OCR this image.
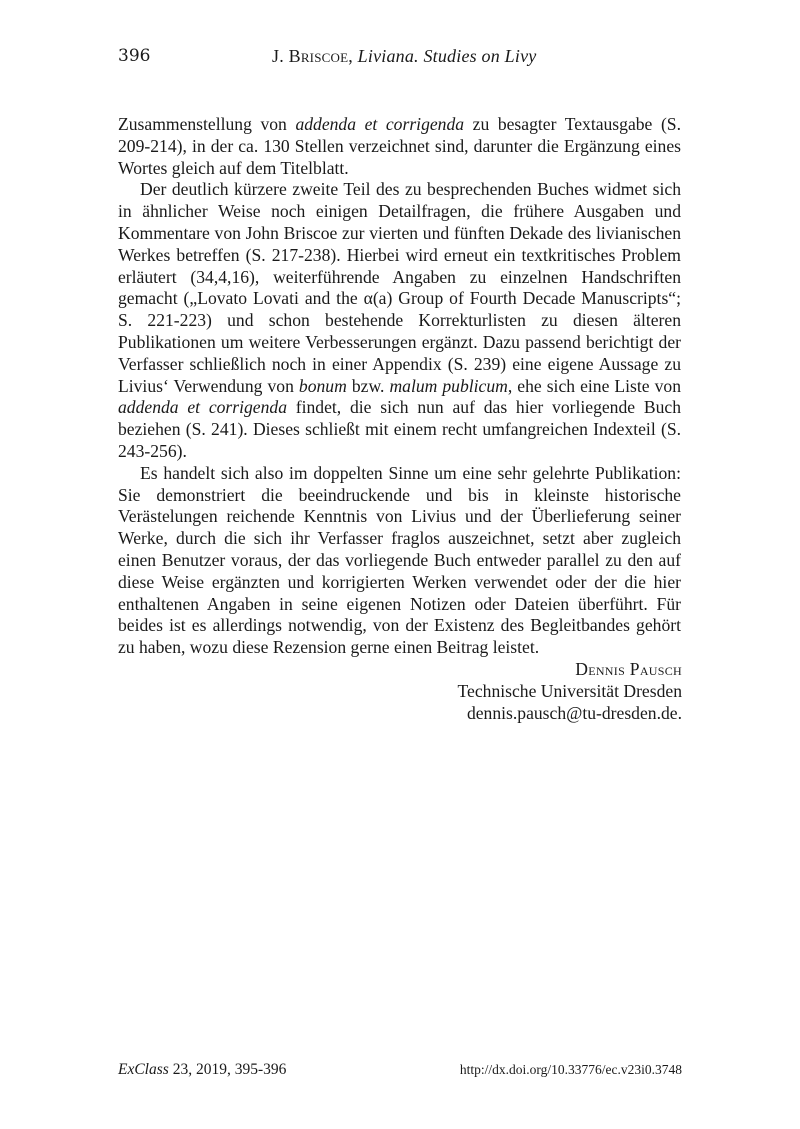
396	J. Briscoe, Liviana. Studies on Livy

Zusammenstellung von addenda et corrigenda zu besagter Textausgabe (S. 209-214), in der ca. 130 Stellen verzeichnet sind, darunter die Ergänzung eines Wortes gleich auf dem Titelblatt.

Der deutlich kürzere zweite Teil des zu besprechenden Buches widmet sich in ähnlicher Weise noch einigen Detailfragen, die frühere Ausgaben und Kommentare von John Briscoe zur vierten und fünften Dekade des livianischen Werkes betreffen (S. 217-238). Hierbei wird erneut ein textkritisches Problem erläutert (34,4,16), weiterführende Angaben zu einzelnen Handschriften gemacht („Lovato Lovati and the α(a) Group of Fourth Decade Manuscripts“; S. 221-223) und schon bestehende Korrekturlisten zu diesen älteren Publikationen um weitere Verbesserungen ergänzt. Dazu passend berichtigt der Verfasser schließlich noch in einer Appendix (S. 239) eine eigene Aussage zu Livius‘ Verwendung von bonum bzw. malum publicum, ehe sich eine Liste von addenda et corrigenda findet, die sich nun auf das hier vorliegende Buch beziehen (S. 241). Dieses schließt mit einem recht umfangreichen Indexteil (S. 243-256).

Es handelt sich also im doppelten Sinne um eine sehr gelehrte Publikation: Sie demonstriert die beeindruckende und bis in kleinste historische Verästelungen reichende Kenntnis von Livius und der Überlieferung seiner Werke, durch die sich ihr Verfasser fraglos auszeichnet, setzt aber zugleich einen Benutzer voraus, der das vorliegende Buch entweder parallel zu den auf diese Weise ergänzten und korrigierten Werken verwendet oder der die hier enthaltenen Angaben in seine eigenen Notizen oder Dateien überführt. Für beides ist es allerdings notwendig, von der Existenz des Begleitbandes gehört zu haben, wozu diese Rezension gerne einen Beitrag leistet.

Dennis Pausch
Technische Universität Dresden
dennis.pausch@tu-dresden.de.
ExClass 23, 2019, 395-396	http://dx.doi.org/10.33776/ec.v23i0.3748
